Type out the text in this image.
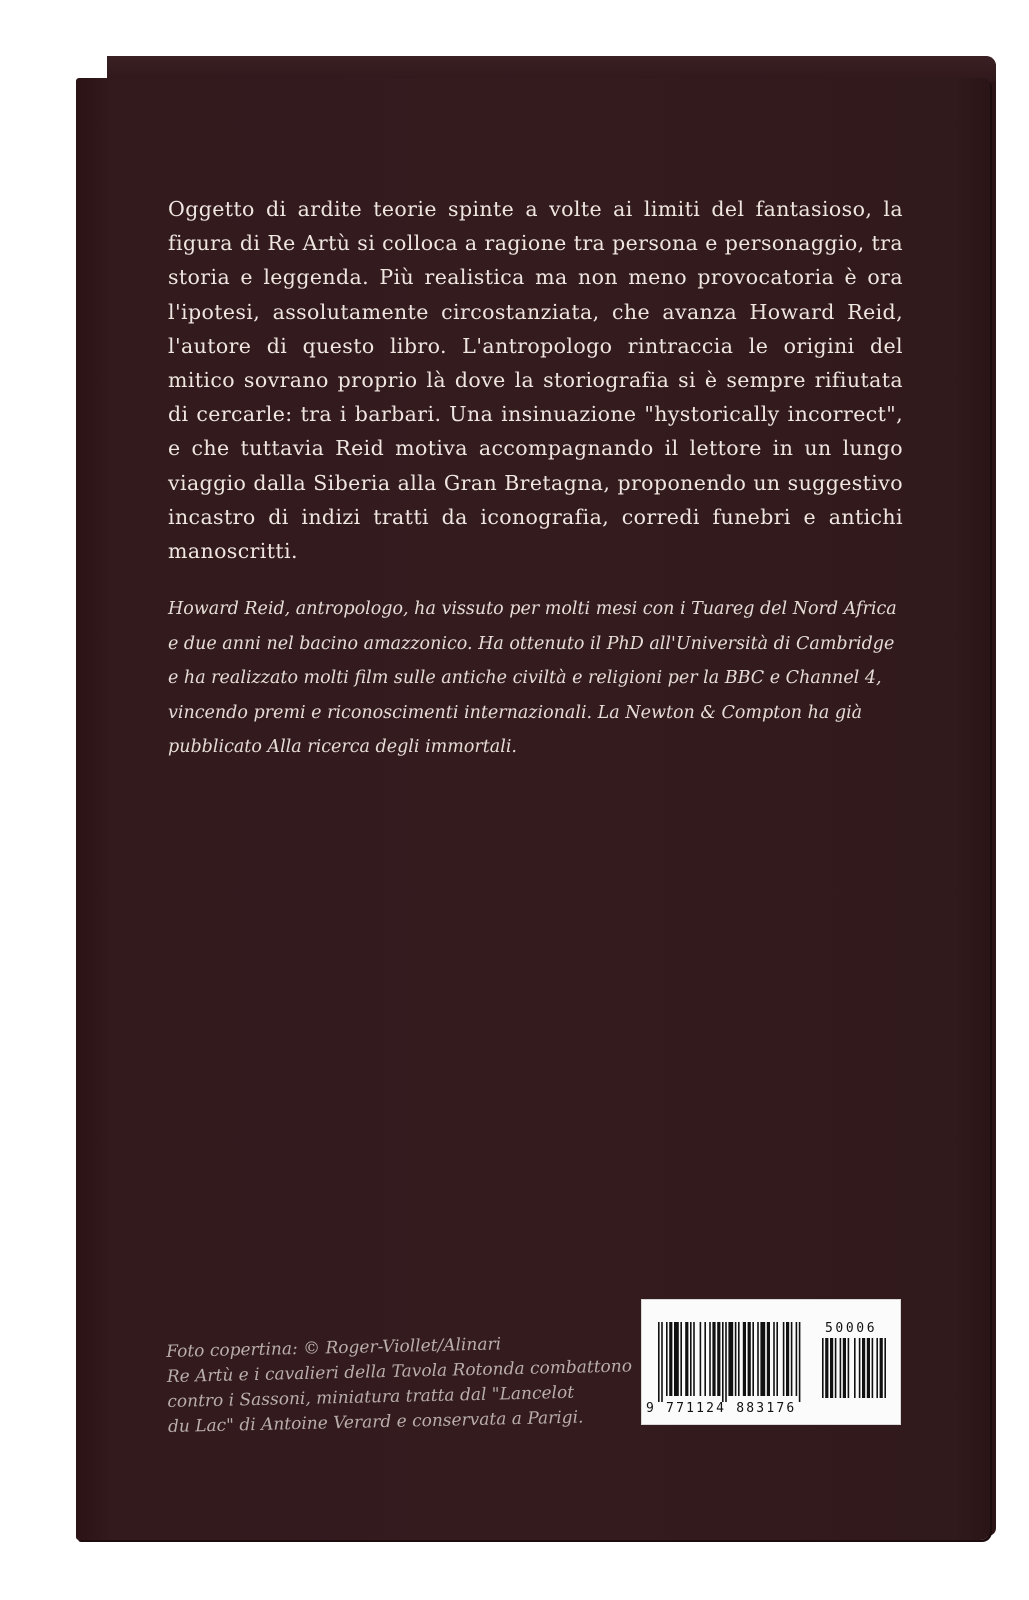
Oggetto di ardite teorie spinte a volte ai limiti del fantasioso, la figura di Re Artù si colloca a ragione tra persona e personaggio, tra storia e leggenda. Più realistica ma non meno provocatoria è ora l'ipotesi, assolutamente circostanziata, che avanza Howard Reid, l'autore di questo libro. L'antropologo rintraccia le origini del mitico sovrano proprio là dove la storiografia si è sempre rifiutata di cercarle: tra i barbari. Una insinuazione "hystorically incorrect", e che tuttavia Reid motiva accompagnando il lettore in un lungo viaggio dalla Siberia alla Gran Bretagna, proponendo un suggestivo incastro di indizi tratti da iconografia, corredi funebri e antichi manoscritti.

Howard Reid, antropologo, ha vissuto per molti mesi con i Tuareg del Nord Africa e due anni nel bacino amazzonico. Ha ottenuto il PhD all'Università di Cambridge e ha realizzato molti film sulle antiche civiltà e religioni per la BBC e Channel 4, vincendo premi e riconoscimenti internazionali. La Newton & Compton ha già pubblicato Alla ricerca degli immortali.

Foto copertina: © Roger-Viollet/Alinari
Re Artù e i cavalieri della Tavola Rotonda combattono
contro i Sassoni, miniatura tratta dal "Lancelot
du Lac" di Antoine Verard e conservata a Parigi.
50006
9 771124 883176
